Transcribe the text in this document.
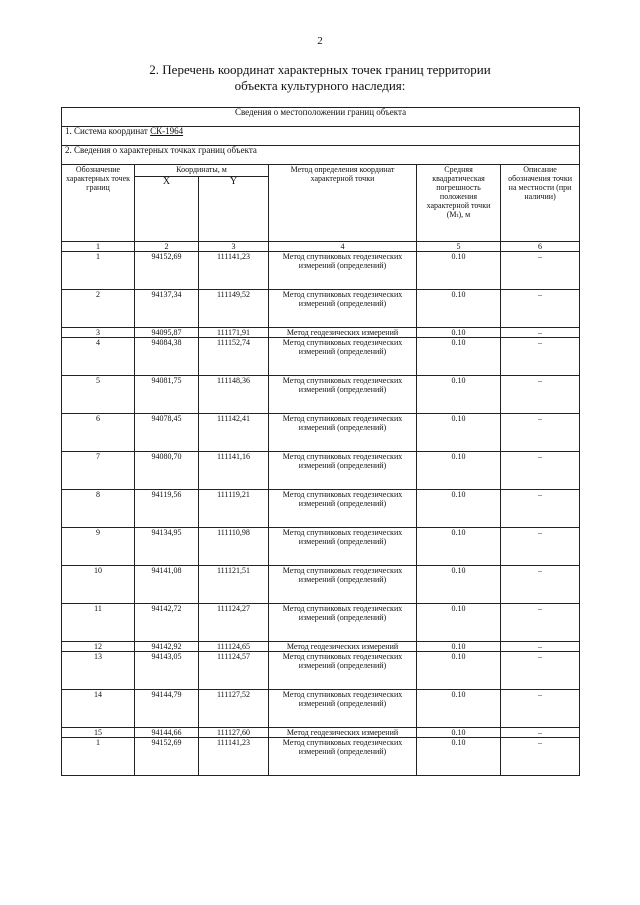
2
2. Перечень координат характерных точек границ территории
объекта культурного наследия:
Сведения о местоположении границ объекта					
1. Система координат СК-1964					
2. Сведения о характерных точках границ объекта					
Обозначение характерных точек границ	Координаты, м		Метод определения координат характерной точки	Средняя квадратическая погрешность положения характерной точки (Mₜ), м	Описание обозначения точки на местности (при наличии)
	X	Y			
1	2	3	4	5	6
1	94152,69	111141,23	Метод спутниковых геодезических измерений (определений)	0.10	–
2	94137,34	111149,52	Метод спутниковых геодезических измерений (определений)	0.10	–
3	94095,87	111171,91	Метод геодезических измерений	0.10	–
4	94084,38	111152,74	Метод спутниковых геодезических измерений (определений)	0.10	–
5	94081,75	111148,36	Метод спутниковых геодезических измерений (определений)	0.10	–
6	94078,45	111142,41	Метод спутниковых геодезических измерений (определений)	0.10	–
7	94080,70	111141,16	Метод спутниковых геодезических измерений (определений)	0.10	–
8	94119,56	111119,21	Метод спутниковых геодезических измерений (определений)	0.10	–
9	94134,95	111110,98	Метод спутниковых геодезических измерений (определений)	0.10	–
10	94141,08	111121,51	Метод спутниковых геодезических измерений (определений)	0.10	–
11	94142,72	111124,27	Метод спутниковых геодезических измерений (определений)	0.10	–
12	94142,92	111124,65	Метод геодезических измерений	0.10	–
13	94143,05	111124,57	Метод спутниковых геодезических измерений (определений)	0.10	–
14	94144,79	111127,52	Метод спутниковых геодезических измерений (определений)	0.10	–
15	94144,66	111127,60	Метод геодезических измерений	0.10	–
1	94152,69	111141,23	Метод спутниковых геодезических измерений (определений)	0.10	–
